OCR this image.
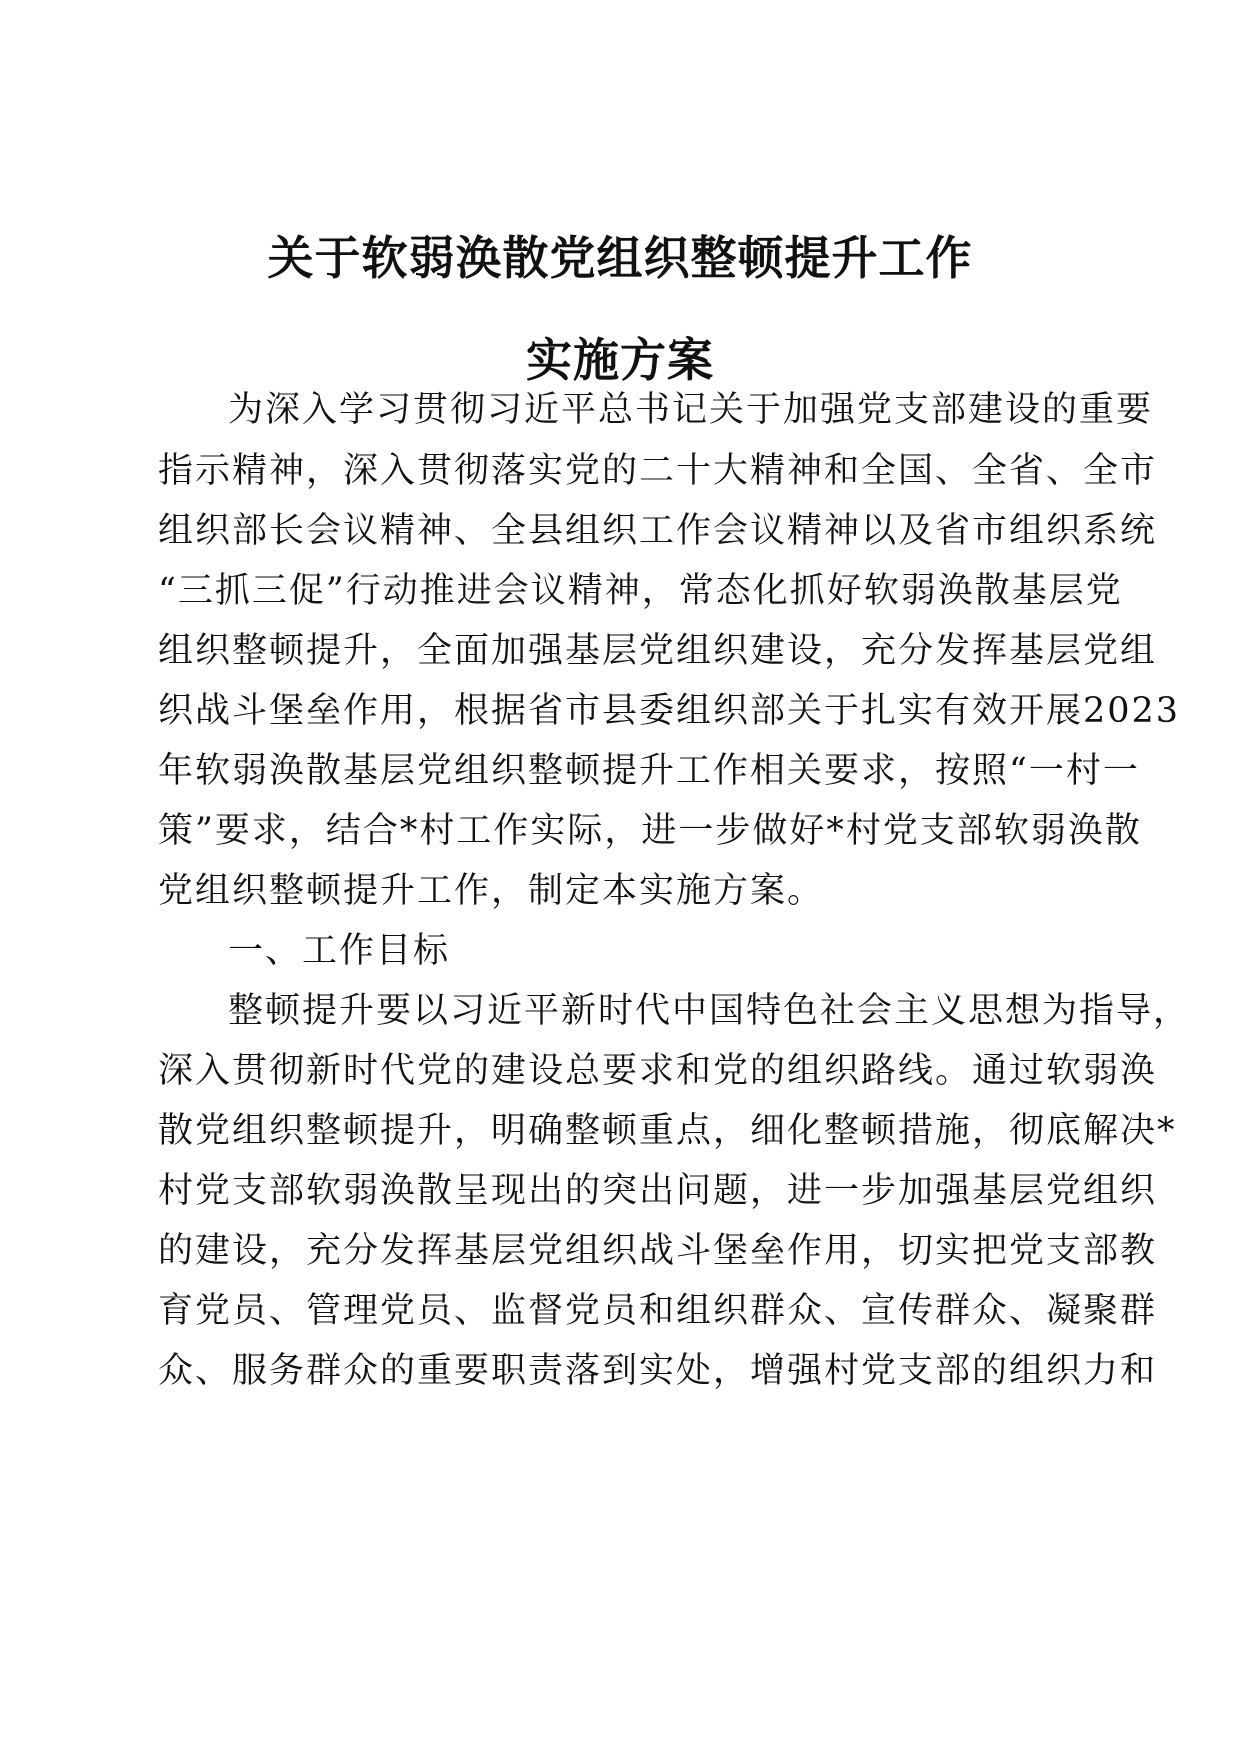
关于软弱涣散党组织整顿提升工作
实施方案
为深入学习贯彻习近平总书记关于加强党支部建设的重要
指示精神，深入贯彻落实党的二十大精神和全国、全省、全市
组织部长会议精神、全县组织工作会议精神以及省市组织系统
“三抓三促”行动推进会议精神，常态化抓好软弱涣散基层党
组织整顿提升，全面加强基层党组织建设，充分发挥基层党组
织战斗堡垒作用，根据省市县委组织部关于扎实有效开展2023
年软弱涣散基层党组织整顿提升工作相关要求，按照“一村一
策”要求，结合*村工作实际，进一步做好*村党支部软弱涣散
党组织整顿提升工作，制定本实施方案。
一、工作目标
整顿提升要以习近平新时代中国特色社会主义思想为指导，
深入贯彻新时代党的建设总要求和党的组织路线。通过软弱涣
散党组织整顿提升，明确整顿重点，细化整顿措施，彻底解决*
村党支部软弱涣散呈现出的突出问题，进一步加强基层党组织
的建设，充分发挥基层党组织战斗堡垒作用，切实把党支部教
育党员、管理党员、监督党员和组织群众、宣传群众、凝聚群
众、服务群众的重要职责落到实处，增强村党支部的组织力和
